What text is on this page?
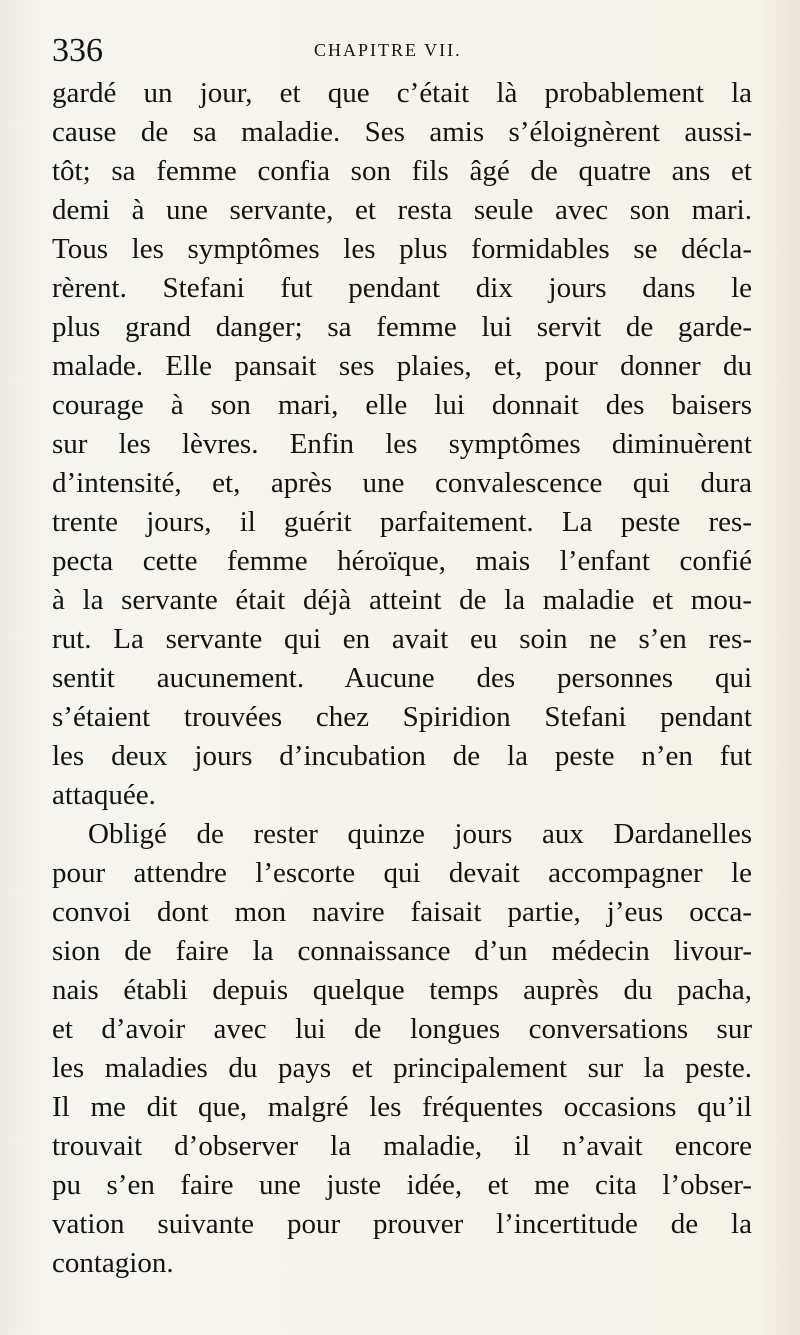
336	CHAPITRE VII.
gardé un jour, et que c’était là probablement la
cause de sa maladie. Ses amis s’éloignèrent aussi-
tôt; sa femme confia son fils âgé de quatre ans et
demi à une servante, et resta seule avec son mari.
Tous les symptômes les plus formidables se décla-
rèrent. Stefani fut pendant dix jours dans le
plus grand danger; sa femme lui servit de garde-
malade. Elle pansait ses plaies, et, pour donner du
courage à son mari, elle lui donnait des baisers
sur les lèvres. Enfin les symptômes diminuèrent
d’intensité, et, après une convalescence qui dura
trente jours, il guérit parfaitement. La peste res-
pecta cette femme héroïque, mais l’enfant confié
à la servante était déjà atteint de la maladie et mou-
rut. La servante qui en avait eu soin ne s’en res-
sentit aucunement. Aucune des personnes qui
s’étaient trouvées chez Spiridion Stefani pendant
les deux jours d’incubation de la peste n’en fut
attaquée.
Obligé de rester quinze jours aux Dardanelles
pour attendre l’escorte qui devait accompagner le
convoi dont mon navire faisait partie, j’eus occa-
sion de faire la connaissance d’un médecin livour-
nais établi depuis quelque temps auprès du pacha,
et d’avoir avec lui de longues conversations sur
les maladies du pays et principalement sur la peste.
Il me dit que, malgré les fréquentes occasions qu’il
trouvait d’observer la maladie, il n’avait encore
pu s’en faire une juste idée, et me cita l’obser-
vation suivante pour prouver l’incertitude de la
contagion.
